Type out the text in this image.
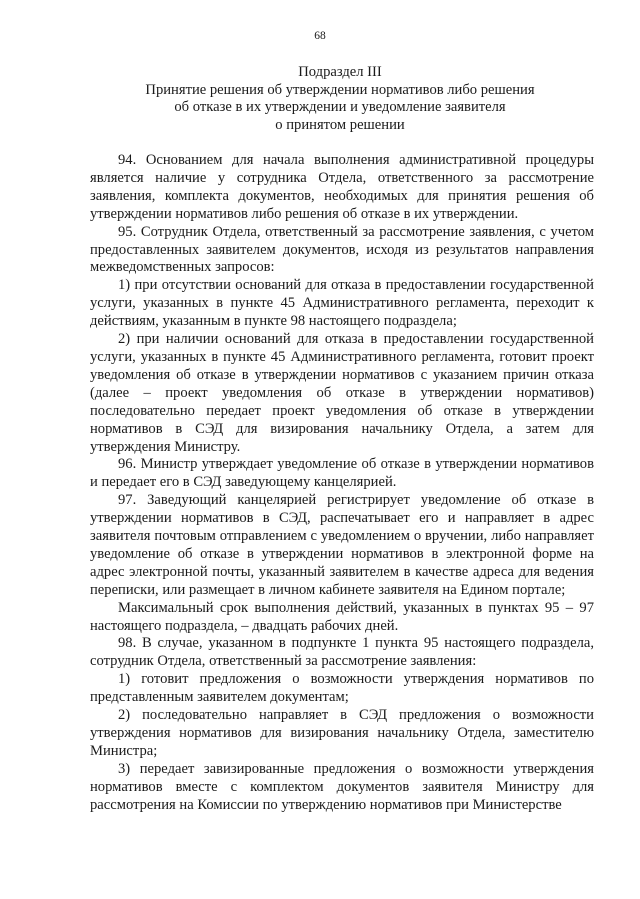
68
Подраздел III
Принятие решения об утверждении нормативов либо решения
об отказе в их утверждении и уведомление заявителя
о принятом решении

94. Основанием для начала выполнения административной процедуры является наличие у сотрудника Отдела, ответственного за рассмотрение заявления, комплекта документов, необходимых для принятия решения об утверждении нормативов либо решения об отказе в их утверждении.

95. Сотрудник Отдела, ответственный за рассмотрение заявления, с учетом предоставленных заявителем документов, исходя из результатов направления межведомственных запросов:

1) при отсутствии оснований для отказа в предоставлении государственной услуги, указанных в пункте 45 Административного регламента, переходит к действиям, указанным в пункте 98 настоящего подраздела;

2) при наличии оснований для отказа в предоставлении государственной услуги, указанных в пункте 45 Административного регламента, готовит проект уведомления об отказе в утверждении нормативов с указанием причин отказа (далее – проект уведомления об отказе в утверждении нормативов) последовательно передает проект уведомления об отказе в утверждении нормативов в СЭД для визирования начальнику Отдела, а затем для утверждения Министру.

96. Министр утверждает уведомление об отказе в утверждении нормативов и передает его в СЭД заведующему канцелярией.

97. Заведующий канцелярией регистрирует уведомление об отказе в утверждении нормативов в СЭД, распечатывает его и направляет в адрес заявителя почтовым отправлением с уведомлением о вручении, либо направляет уведомление об отказе в утверждении нормативов в электронной форме на адрес электронной почты, указанный заявителем в качестве адреса для ведения переписки, или размещает в личном кабинете заявителя на Едином портале;

Максимальный срок выполнения действий, указанных в пунктах 95 – 97 настоящего подраздела, – двадцать рабочих дней.

98. В случае, указанном в подпункте 1 пункта 95 настоящего подраздела, сотрудник Отдела, ответственный за рассмотрение заявления:

1) готовит предложения о возможности утверждения нормативов по представленным заявителем документам;

2) последовательно направляет в СЭД предложения о возможности утверждения нормативов для визирования начальнику Отдела, заместителю Министра;

3) передает завизированные предложения о возможности утверждения нормативов вместе с комплектом документов заявителя Министру для рассмотрения на Комиссии по утверждению нормативов при Министерстве
